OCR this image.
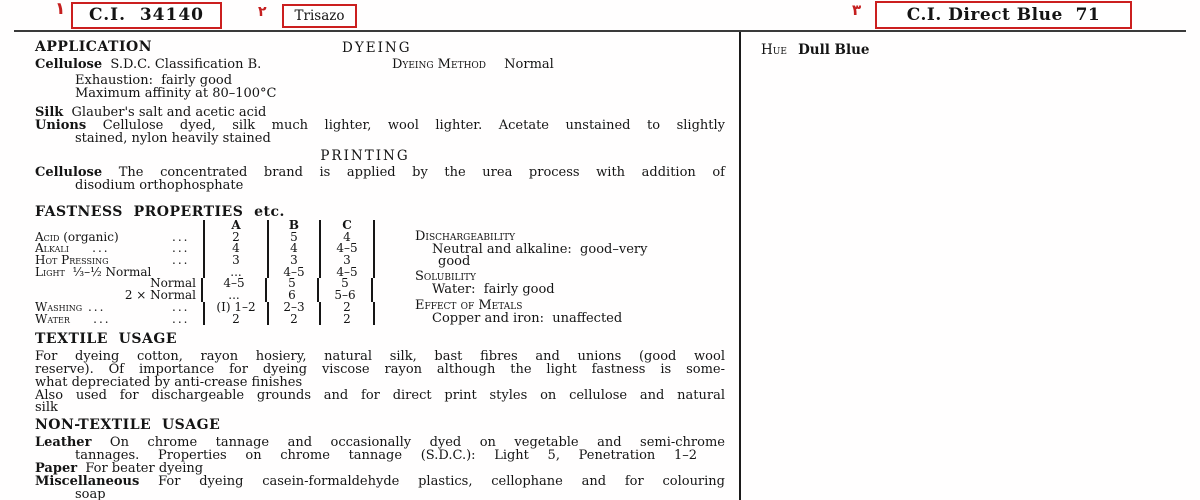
١ C.I.  34140	٢ Trisazo	٣	C.I. Direct Blue  71
Hue Dull Blue
APPLICATION	DYEING
Cellulose  S.D.C. Classification B.	Dyeing Method Normal
Exhaustion:  fairly good
Maximum affinity at 80–100°C
Silk  Glauber's salt and acetic acid
Unions Cellulose dyed, silk much lighter, wool lighter. Acetate unstained to slightly
stained, nylon heavily stained
PRINTING
Cellulose The concentrated brand is applied by the urea process with addition of
disodium orthophosphate
FASTNESS  PROPERTIES  etc.
A	B	C
Acid (organic)	...	2	5	4
Alkali ...	...	4	4	4–5
Hot Pressing	...	3	3	3
Light ⅓–½ Normal	...	4–5	4–5
Normal	4–5	5	5
2 × Normal	...	6	5–6
Washing ...	...	(I) 1–2	2–3	2
Water ...	...	2	2	2
Dischargeability
Neutral and alkaline:  good–very
good
Solubility
Water:  fairly good
Effect of Metals
Copper and iron:  unaffected
TEXTILE  USAGE
For dyeing cotton, rayon hosiery, natural silk, bast fibres and unions (good wool
reserve). Of importance for dyeing viscose rayon although the light fastness is some-
what depreciated by anti-crease finishes
Also used for dischargeable grounds and for direct print styles on cellulose and natural
silk
NON-TEXTILE  USAGE
Leather On chrome tannage and occasionally dyed on vegetable and semi-chrome
tannages. Properties on chrome tannage (S.D.C.): Light 5, Penetration 1–2
Paper  For beater dyeing
Miscellaneous For dyeing casein-formaldehyde plastics, cellophane and for colouring
soap
